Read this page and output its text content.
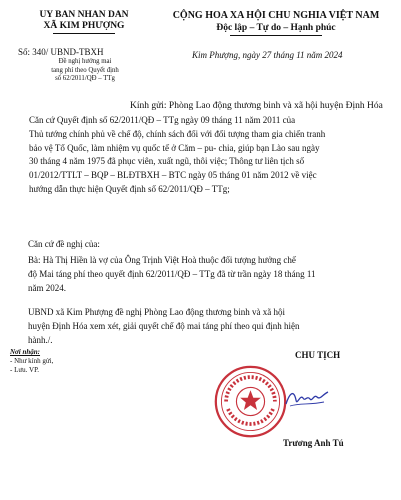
UY BAN NHAN DAN
XÃ KIM PHƯỢNG
CỘNG HOA XA HỘI CHU NGHIA VIỆT NAM
Độc lập – Tự do – Hạnh phúc
Số: 340/ UBND-TBXH
Đề nghị hưởng mai
tang phí theo Quyết định
số 62/2011/QĐ – TTg
Kim Phượng, ngày 27 tháng 11 năm 2024
Kính gửi: Phòng Lao động thương binh và xã hội huyện Định Hóa
Căn cứ Quyết định số 62/2011/QĐ – TTg ngày 09 tháng 11 năm 2011 của
Thủ tướng chính phủ về chế độ, chính sách đối với đối tượng tham gia chiến tranh
bảo vệ Tổ Quốc, làm nhiệm vụ quốc tế ở Căm – pu- chia, giúp bạn Lào sau ngày
30 tháng 4 năm 1975 đã phục viên, xuất ngũ, thôi việc; Thông tư liên tịch số
01/2012/TTLT – BQP – BLĐTBXH – BTC ngày 05 tháng 01 năm 2012 về việc
hướng dẫn thực hiện Quyết định số 62/2011/QĐ – TTg;
Căn cứ đề nghị của:
Bà: Hà Thị Hiền là vợ của Ông Trịnh Việt Hoà thuộc đối tượng hưởng chế
độ Mai táng phí theo quyết định 62/2011/QĐ – TTg đã từ trần ngày 18 tháng 11
năm 2024.
UBND xã Kim Phượng đề nghị Phòng Lao động thương binh và xã hội
huyện Định Hóa xem xét, giải quyết chế độ mai táng phí theo qui định hiện
hành./.
Nơi nhận:
- Như kính gửi,
- Lưu. VP.
CHU TỊCH
Trương Anh Tú
